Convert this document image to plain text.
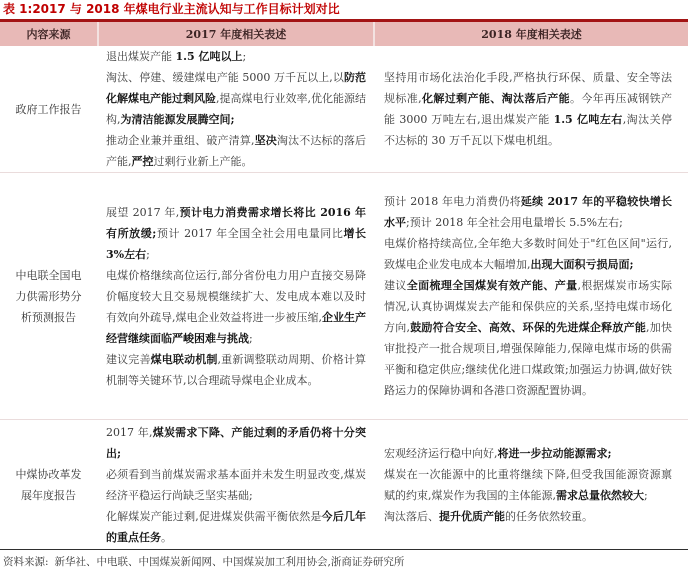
表 1:2017 与 2018 年煤电行业主流认知与工作目标计划对比
内容来源	2017 年度相关表述	2018 年度相关表述
政府工作报告
退出煤炭产能 1.5 亿吨以上;
淘汰、停建、缓建煤电产能 5000 万千瓦以上,以防范化解煤电产能过剩风险,提高煤电行业效率,优化能源结构,为清洁能源发展腾空间;
推动企业兼并重组、破产清算,坚决淘汰不达标的落后产能,严控过剩行业新上产能。
坚持用市场化法治化手段,严格执行环保、质量、安全等法规标准,化解过剩产能、淘汰落后产能。今年再压减钢铁产能 3000 万吨左右,退出煤炭产能 1.5 亿吨左右,淘汰关停不达标的 30 万千瓦以下煤电机组。
中电联全国电力供需形势分析预测报告
展望 2017 年,预计电力消费需求增长将比 2016 年有所放缓;预计 2017 年全国全社会用电量同比增长 3%左右;
电煤价格继续高位运行,部分省份电力用户直接交易降价幅度较大且交易规模继续扩大、发电成本难以及时有效向外疏导,煤电企业效益将进一步被压缩,企业生产经营继续面临严峻困难与挑战;
建议完善煤电联动机制,重新调整联动周期、价格计算机制等关键环节,以合理疏导煤电企业成本。
预计 2018 年电力消费仍将延续 2017 年的平稳较快增长水平;预计 2018 年全社会用电量增长 5.5%左右;
电煤价格持续高位,全年绝大多数时间处于"红色区间"运行,致煤电企业发电成本大幅增加,出现大面积亏损局面;
建议全面梳理全国煤炭有效产能、产量,根据煤炭市场实际情况,认真协调煤炭去产能和保供应的关系,坚持电煤市场化方向,鼓励符合安全、高效、环保的先进煤企释放产能,加快审批投产一批合规项目,增强保障能力,保障电煤市场的供需平衡和稳定供应;继续优化进口煤政策;加强运力协调,做好铁路运力的保障协调和各港口资源配置协调。
中煤协改革发展年度报告
2017 年,煤炭需求下降、产能过剩的矛盾仍将十分突出;
必须看到当前煤炭需求基本面并未发生明显改变,煤炭经济平稳运行尚缺乏坚实基础;
化解煤炭产能过剩,促进煤炭供需平衡依然是今后几年的重点任务。
宏观经济运行稳中向好,将进一步拉动能源需求;
煤炭在一次能源中的比重将继续下降,但受我国能源资源禀赋的约束,煤炭作为我国的主体能源,需求总量依然较大;
淘汰落后、提升优质产能的任务依然较重。
资料来源: 新华社、中电联、中国煤炭新闻网、中国煤炭加工利用协会,浙商证券研究所
